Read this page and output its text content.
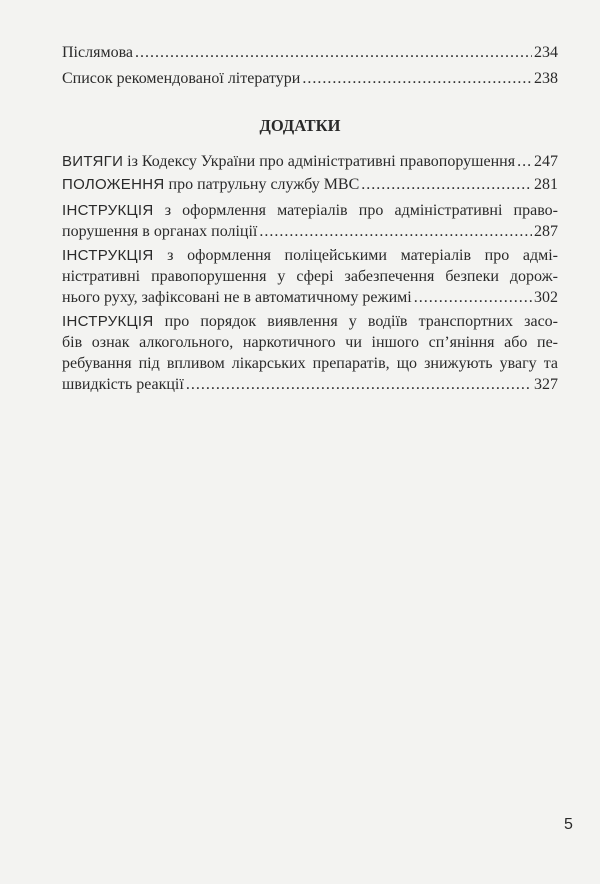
Післямова .....	234
Список рекомендованої літератури .....	238
ДОДАТКИ
ВИТЯГИ із Кодексу України про адміністративні правопорушення ..... 247
ПОЛОЖЕННЯ про патрульну службу МВС .....	281
ІНСТРУКЦІЯ з оформлення матеріалів про адміністративні право-
порушення в органах поліції .....	287
ІНСТРУКЦІЯ з оформлення поліцейськими матеріалів про адмі-
ністративні правопорушення у сфері забезпечення безпеки дорож-
нього руху, зафіксовані не в автоматичному режимі .....	302
ІНСТРУКЦІЯ про порядок виявлення у водіїв транспортних засо-
бів ознак алкогольного, наркотичного чи іншого сп’яніння або пе-
ребування під впливом лікарських препаратів, що знижують увагу та
швидкість реакції .....	327
5
